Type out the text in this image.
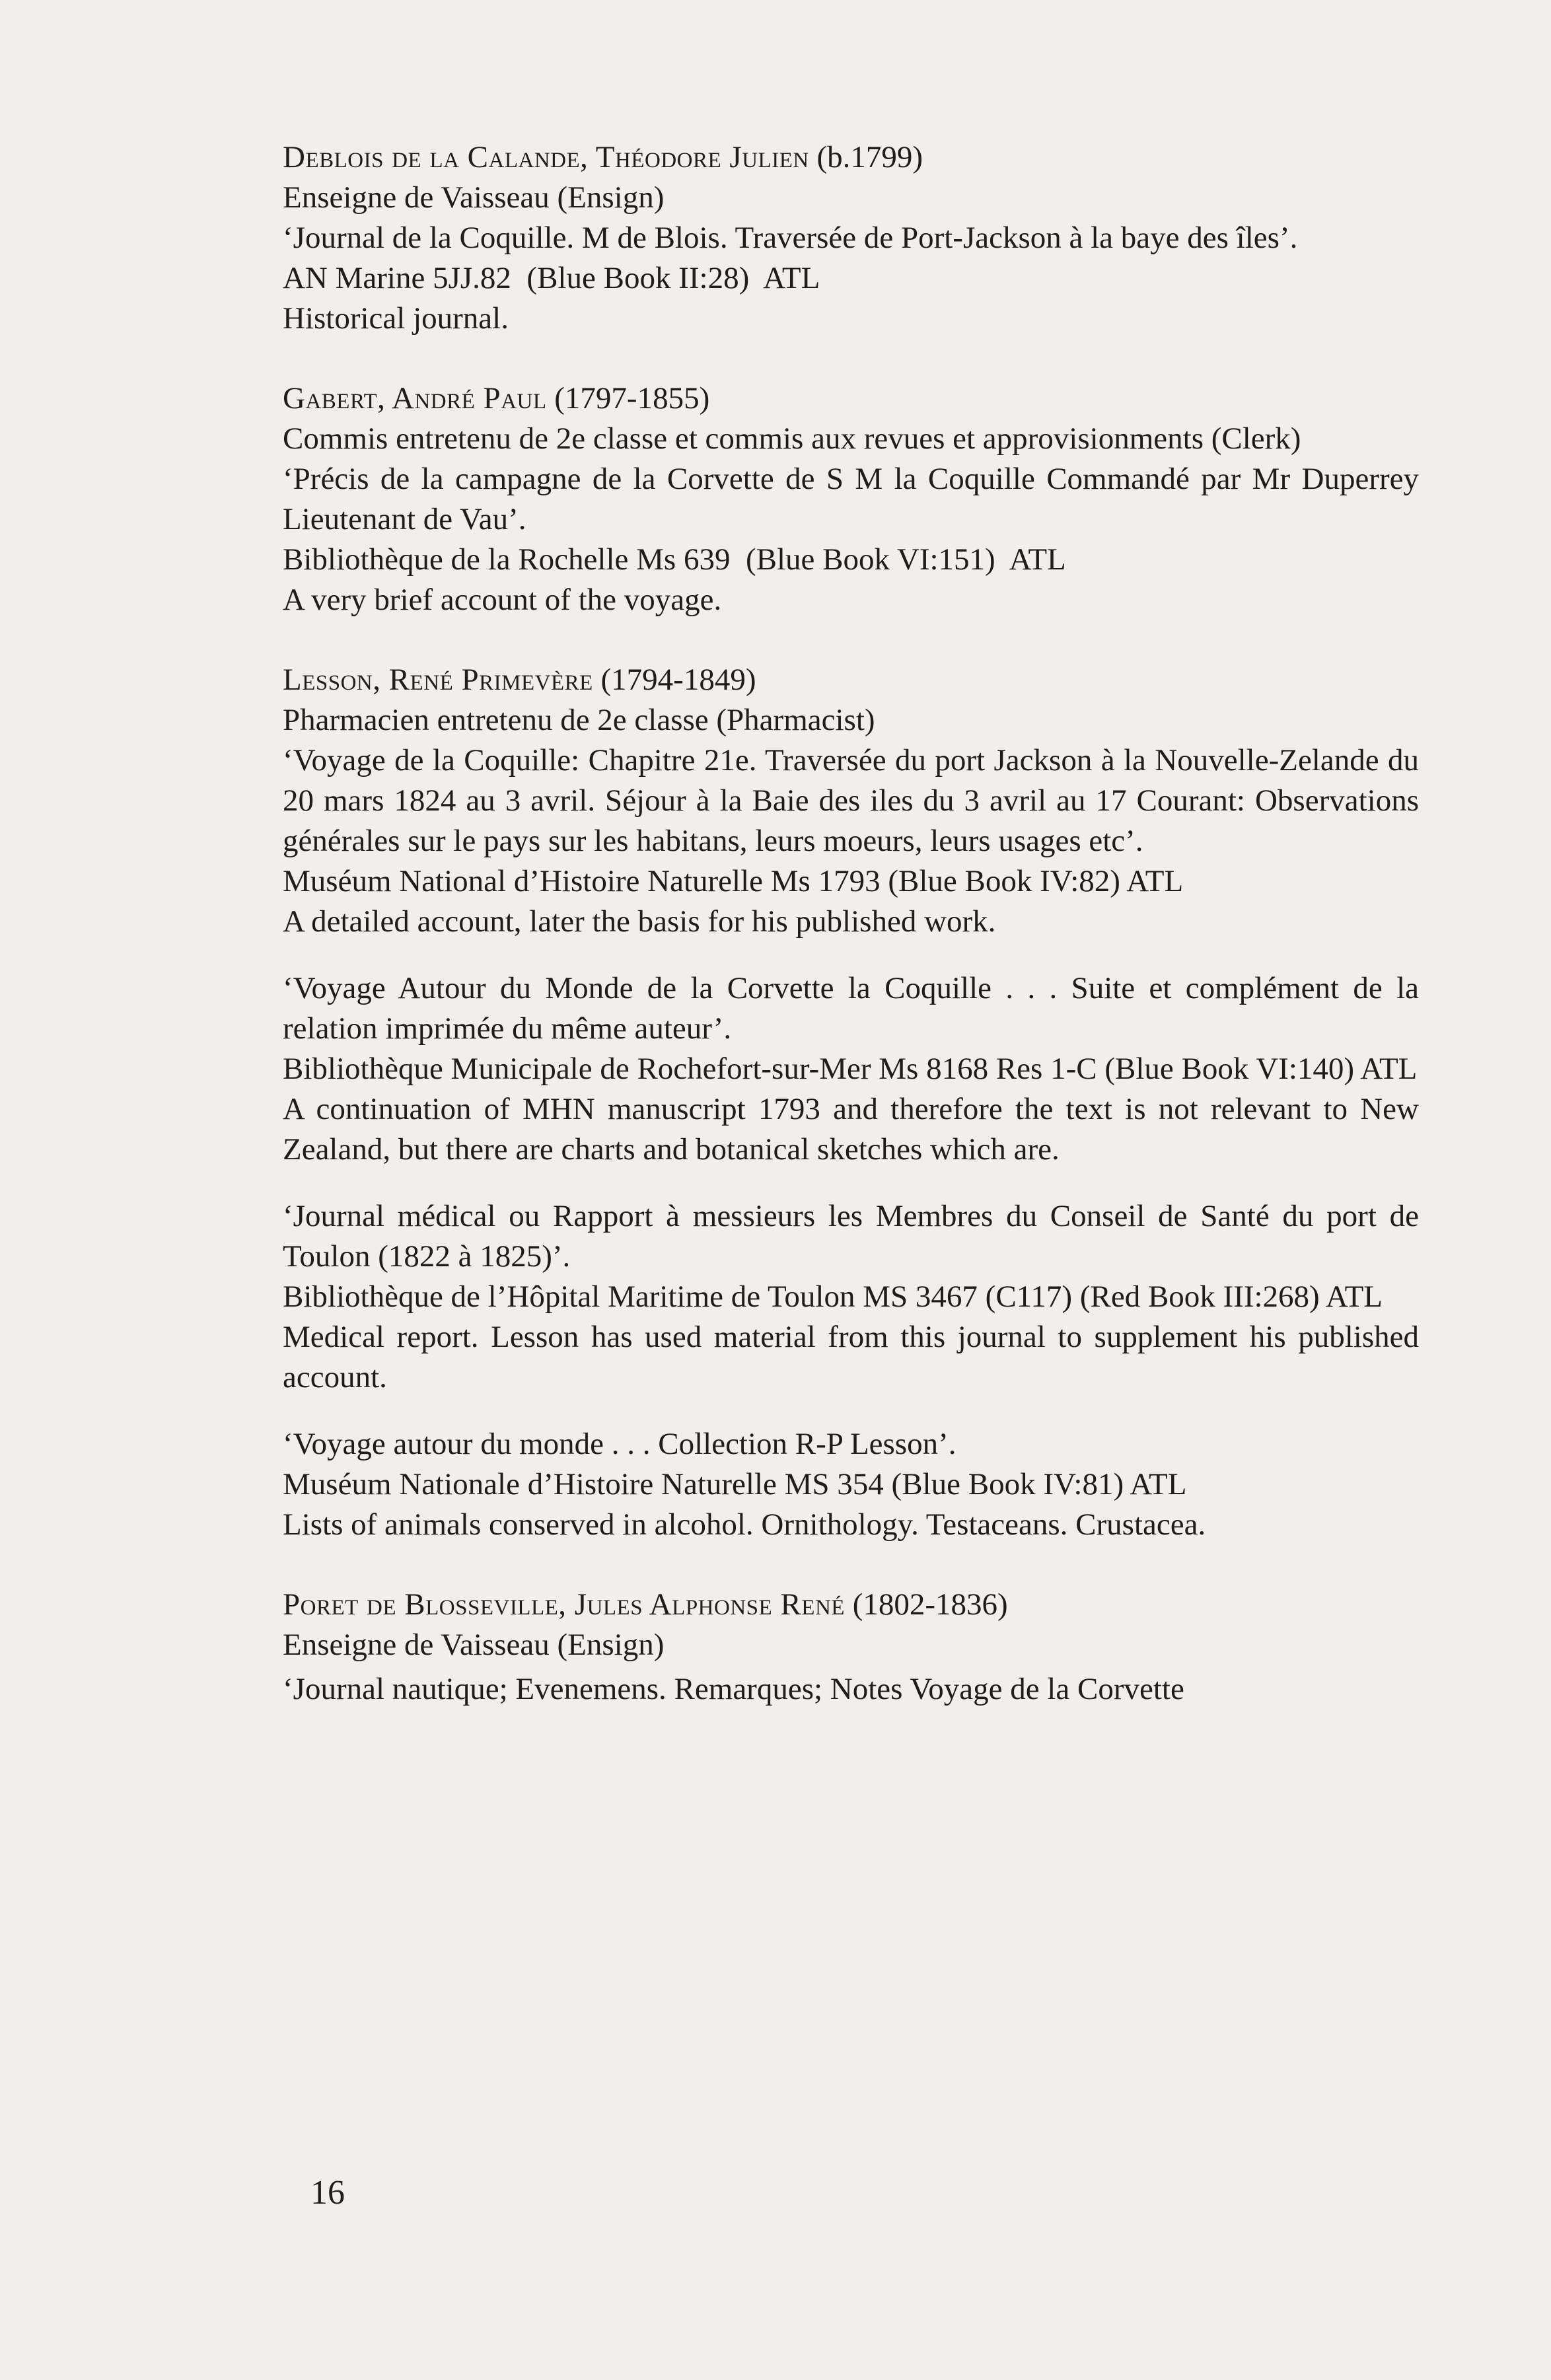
Deblois de la Calande, Théodore Julien (b.1799)
Enseigne de Vaisseau (Ensign)
‘Journal de la Coquille. M de Blois. Traversée de Port-Jackson à la baye des îles’.
AN Marine 5JJ.82  (Blue Book II:28)  ATL
Historical journal.
Gabert, André Paul (1797-1855)
Commis entretenu de 2e classe et commis aux revues et approvisionments (Clerk)
‘Précis de la campagne de la Corvette de S M la Coquille Commandé par Mr Duperrey Lieutenant de Vau’.
Bibliothèque de la Rochelle Ms 639  (Blue Book VI:151)  ATL
A very brief account of the voyage.
Lesson, René Primevère (1794-1849)
Pharmacien entretenu de 2e classe (Pharmacist)
‘Voyage de la Coquille: Chapitre 21e. Traversée du port Jackson à la Nouvelle-Zelande du 20 mars 1824 au 3 avril. Séjour à la Baie des iles du 3 avril au 17 Courant: Observations générales sur le pays sur les habitans, leurs moeurs, leurs usages etc’.
Muséum National d’Histoire Naturelle Ms 1793 (Blue Book IV:82) ATL
A detailed account, later the basis for his published work.
‘Voyage Autour du Monde de la Corvette la Coquille . . . Suite et complément de la relation imprimée du même auteur’.
Bibliothèque Municipale de Rochefort-sur-Mer Ms 8168 Res 1-C (Blue Book VI:140) ATL
A continuation of MHN manuscript 1793 and therefore the text is not relevant to New Zealand, but there are charts and botanical sketches which are.
‘Journal médical ou Rapport à messieurs les Membres du Conseil de Santé du port de Toulon (1822 à 1825)’.
Bibliothèque de l’Hôpital Maritime de Toulon MS 3467 (C117) (Red Book III:268) ATL
Medical report. Lesson has used material from this journal to supplement his published account.
‘Voyage autour du monde . . . Collection R-P Lesson’.
Muséum Nationale d’Histoire Naturelle MS 354 (Blue Book IV:81) ATL
Lists of animals conserved in alcohol. Ornithology. Testaceans. Crustacea.
Poret de Blosseville, Jules Alphonse René (1802-1836)
Enseigne de Vaisseau (Ensign)
‘Journal nautique; Evenemens. Remarques; Notes Voyage de la Corvette
16
